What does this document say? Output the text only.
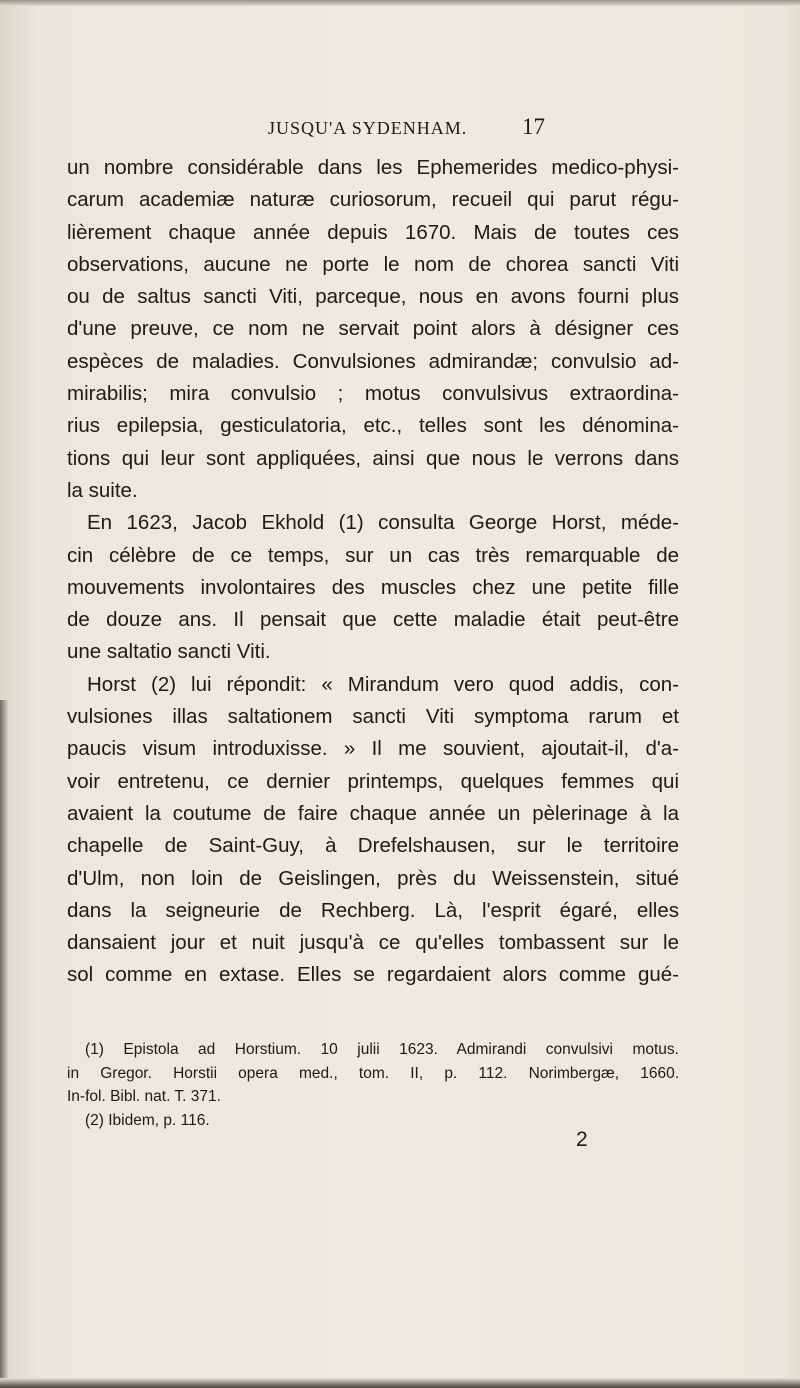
JUSQU'A SYDENHAM. 17
un nombre considérable dans les Ephemerides medico-physi-
carum academiæ naturæ curiosorum, recueil qui parut régu-
lièrement chaque année depuis 1670. Mais de toutes ces
observations, aucune ne porte le nom de chorea sancti Viti
ou de saltus sancti Viti, parceque, nous en avons fourni plus
d'une preuve, ce nom ne servait point alors à désigner ces
espèces de maladies. Convulsiones admirandæ; convulsio ad-
mirabilis; mira convulsio ; motus convulsivus extraordina-
rius epilepsia, gesticulatoria, etc., telles sont les dénomina-
tions qui leur sont appliquées, ainsi que nous le verrons dans
la suite.
En 1623, Jacob Ekhold (1) consulta George Horst, méde-
cin célèbre de ce temps, sur un cas très remarquable de
mouvements involontaires des muscles chez une petite fille
de douze ans. Il pensait que cette maladie était peut-être
une saltatio sancti Viti.
Horst (2) lui répondit: « Mirandum vero quod addis, con-
vulsiones illas saltationem sancti Viti symptoma rarum et
paucis visum introduxisse. » Il me souvient, ajoutait-il, d'a-
voir entretenu, ce dernier printemps, quelques femmes qui
avaient la coutume de faire chaque année un pèlerinage à la
chapelle de Saint-Guy, à Drefelshausen, sur le territoire
d'Ulm, non loin de Geislingen, près du Weissenstein, situé
dans la seigneurie de Rechberg. Là, l'esprit égaré, elles
dansaient jour et nuit jusqu'à ce qu'elles tombassent sur le
sol comme en extase. Elles se regardaient alors comme gué-
(1) Epistola ad Horstium. 10 julii 1623. Admirandi convulsivi motus.
in Gregor. Horstii opera med., tom. II, p. 112. Norimbergæ, 1660.
In-fol. Bibl. nat. T. 371.
(2) Ibidem, p. 116.
2
